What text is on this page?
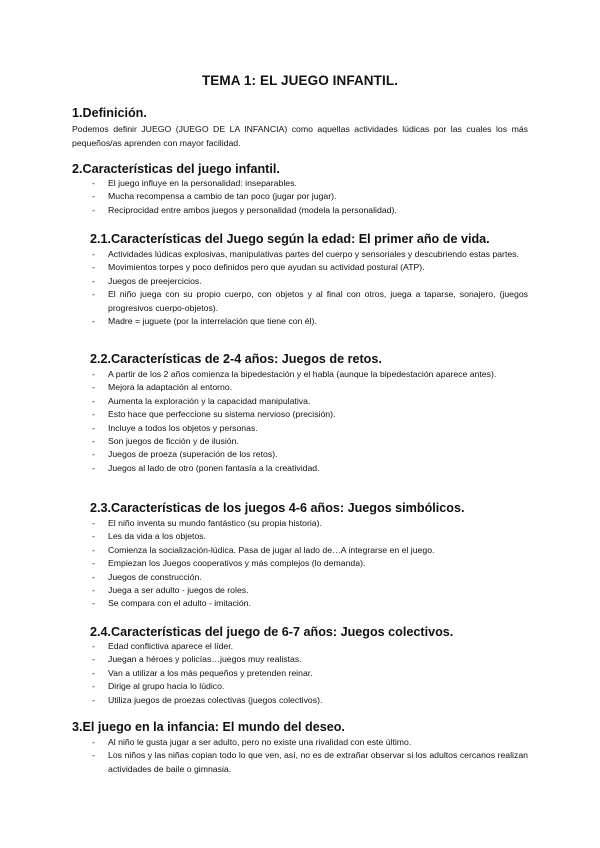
TEMA 1: EL JUEGO INFANTIL.
1.Definición.
Podemos definir JUEGO (JUEGO DE LA INFANCIA) como aquellas actividades lúdicas por las cuales los más pequeños/as aprenden con mayor facilidad.
2.Características del juego infantil.
- El juego influye en la personalidad: inseparables.
- Mucha recompensa a cambio de tan poco (jugar por jugar).
- Reciprocidad entre ambos juegos y personalidad (modela la personalidad).
2.1.Características del Juego según la edad: El primer año de vida.
- Actividades lúdicas explosivas, manipulativas partes del cuerpo y sensoriales y descubriendo estas partes.
- Movimientos torpes y poco definidos pero que ayudan su actividad postural (ATP).
- Juegos de preejercicios.
- El niño juega con su propio cuerpo, con objetos y al final con otros, juega a taparse, sonajero, (juegos progresivos cuerpo-objetos).
- Madre = juguete (por la interrelación que tiene con él).
2.2.Características de 2-4 años: Juegos de retos.
- A partir de los 2 años comienza la bipedestación y el habla (aunque la bipedestación aparece antes).
- Mejora la adaptación al entorno.
- Aumenta la exploración y la capacidad manipulativa.
- Esto hace que perfeccione su sistema nervioso (precisión).
- Incluye a todos los objetos y personas.
- Son juegos de ficción y de ilusión.
- Juegos de proeza (superación de los retos).
- Juegos al lado de otro (ponen fantasía a la creatividad.
2.3.Características de los juegos 4-6 años: Juegos simbólicos.
- El niño inventa su mundo fantástico (su propia historia).
- Les da vida a los objetos.
- Comienza la socialización-lúdica. Pasa de jugar al lado de…A integrarse en el juego.
- Empiezan los Juegos cooperativos y más complejos (lo demanda).
- Juegos de construcción.
- Juega a ser adulto - juegos de roles.
- Se compara con el adulto - imitación.
2.4.Características del juego de 6-7 años: Juegos colectivos.
- Edad conflictiva aparece el líder.
- Juegan a héroes y policías…juegos muy realistas.
- Van a utilizar a los más pequeños y pretenden reinar.
- Dirige al grupo hacia lo lúdico.
- Utiliza juegos de proezas colectivas (juegos colectivos).
3.El juego en la infancia: El mundo del deseo.
- Al niño le gusta jugar a ser adulto, pero no existe una rivalidad con este último.
- Los niños y las niñas copian todo lo que ven, así, no es de extrañar observar si los adultos cercanos realizan actividades de baile o gimnasia.
